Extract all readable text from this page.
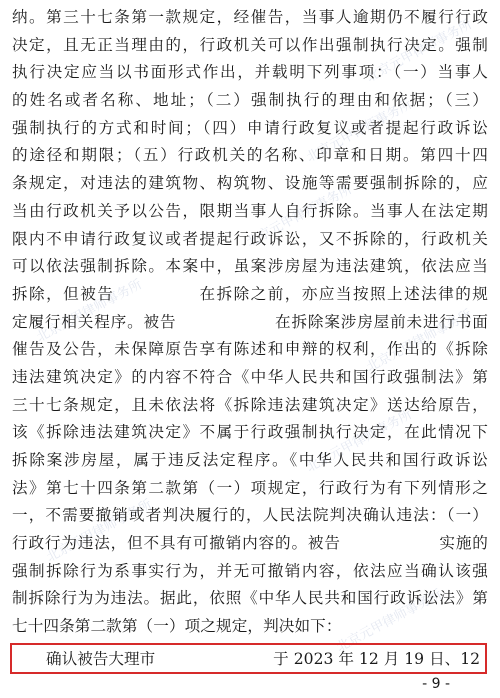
北京元甲律师事务所
北京元甲律师事务所
北京元甲律师事务所
北京元甲律师事务所	北京元甲律师事务所
北京元甲律师事务所
北京元甲律师事务所
北京元甲律师事务所
纳。第三十七条第一款规定，经催告，当事人逾期仍不履行行政
决定，且无正当理由的，行政机关可以作出强制执行决定。强制
执行决定应当以书面形式作出，并载明下列事项：（一）当事人
的姓名或者名称、地址；（二）强制执行的理由和依据；（三）
强制执行的方式和时间；（四）申请行政复议或者提起行政诉讼
的途径和期限；（五）行政机关的名称、印章和日期。第四十四
条规定，对违法的建筑物、构筑物、设施等需要强制拆除的，应
当由行政机关予以公告，限期当事人自行拆除。当事人在法定期
限内不申请行政复议或者提起行政诉讼，又不拆除的，行政机关
可以依法强制拆除。本案中，虽案涉房屋为违法建筑，依法应当
拆除，但被告　　　　　在拆除之前，亦应当按照上述法律的规
定履行相关程序。被告　　　　　　在拆除案涉房屋前未进行书面
催告及公告，未保障原告享有陈述和申辩的权利，作出的《拆除
违法建筑决定》的内容不符合《中华人民共和国行政强制法》第
三十七条规定，且未依法将《拆除违法建筑决定》送达给原告，
该《拆除违法建筑决定》不属于行政强制执行决定，在此情况下
拆除案涉房屋，属于违反法定程序。《中华人民共和国行政诉讼
法》第七十四条第二款第（一）项规定，行政行为有下列情形之
一，不需要撤销或者判决履行的，人民法院判决确认违法：（一）
行政行为违法，但不具有可撤销内容的。被告　　　　　　实施的
强制拆除行为系事实行为，并无可撤销内容，依法应当确认该强
制拆除行为为违法。据此，依照《中华人民共和国行政诉讼法》第
七十四条第二款第（一）项之规定，判决如下：
确认被告大理市	于 2023 年 12 月 19 日、12
- 9 -
